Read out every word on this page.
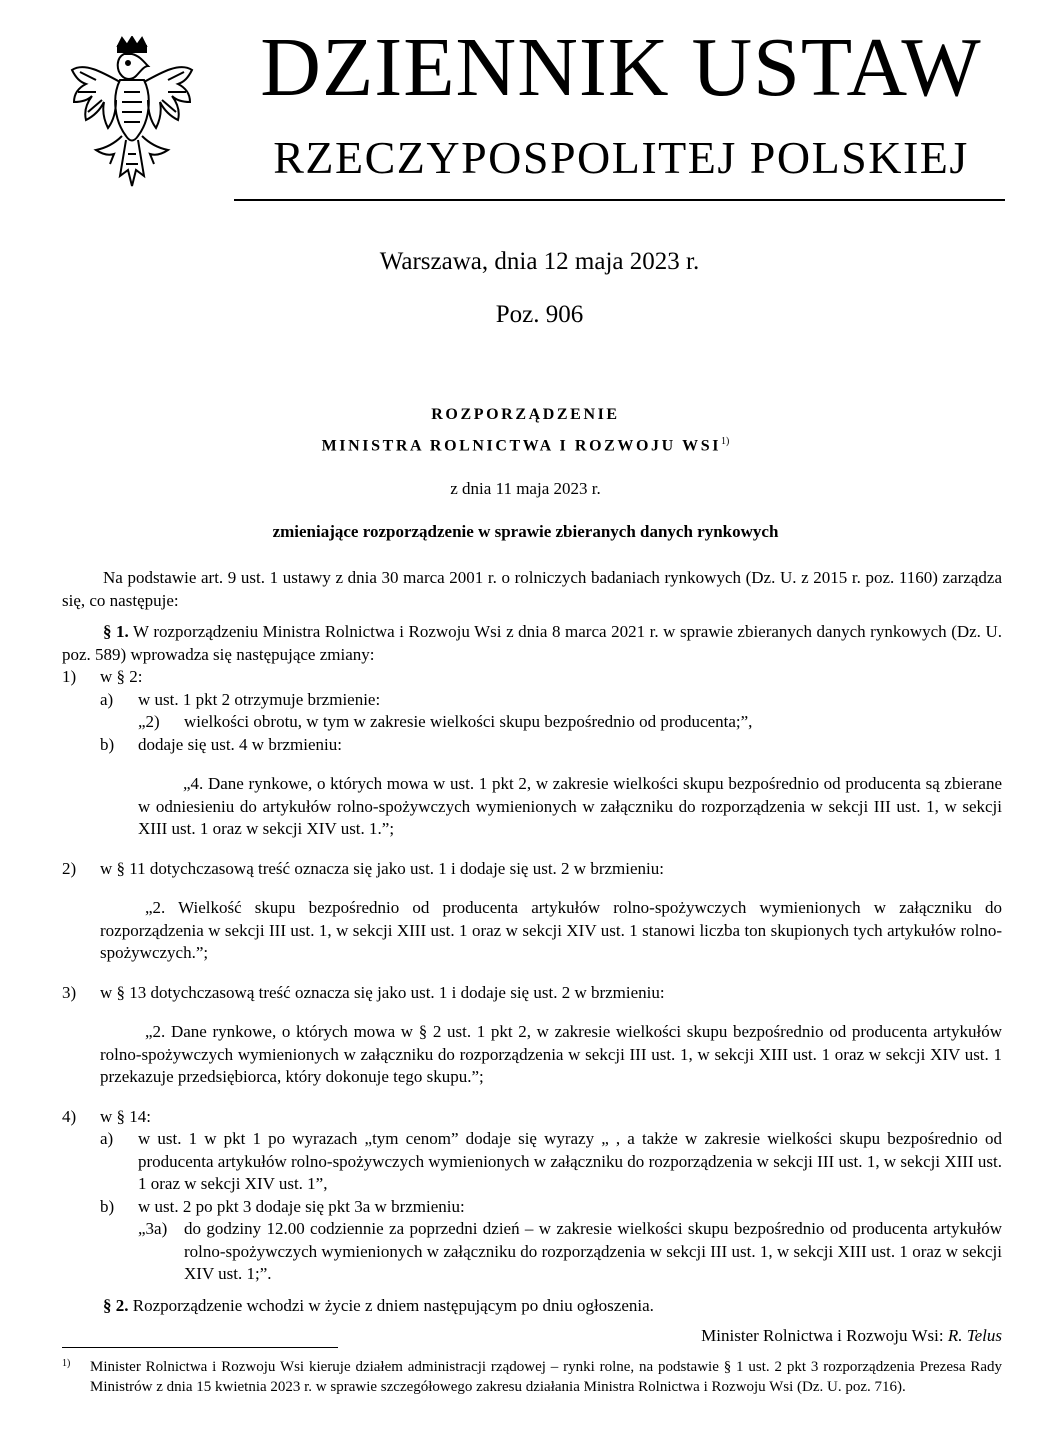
DZIENNIK USTAW
RZECZYPOSPOLITEJ POLSKIEJ
Warszawa, dnia 12 maja 2023 r.
Poz. 906
ROZPORZĄDZENIE
MINISTRA ROLNICTWA I ROZWOJU WSI$^{1)}$
z dnia 11 maja 2023 r.
zmieniające rozporządzenie w sprawie zbieranych danych rynkowych

Na podstawie art. 9 ust. 1 ustawy z dnia 30 marca 2001 r. o rolniczych badaniach rynkowych (Dz. U. z 2015 r. poz. 1160) zarządza się, co następuje:

§ 1. W rozporządzeniu Ministra Rolnictwa i Rozwoju Wsi z dnia 8 marca 2021 r. w sprawie zbieranych danych rynkowych (Dz. U. poz. 589) wprowadza się następujące zmiany:

1)	w § 2:
a)	w ust. 1 pkt 2 otrzymuje brzmienie:
„2)	wielkości obrotu, w tym w zakresie wielkości skupu bezpośrednio od producenta;”,
b)	dodaje się ust. 4 w brzmieniu:

„4. Dane rynkowe, o których mowa w ust. 1 pkt 2, w zakresie wielkości skupu bezpośrednio od producenta są zbierane w odniesieniu do artykułów rolno-spożywczych wymienionych w załączniku do rozporządzenia w sekcji III ust. 1, w sekcji XIII ust. 1 oraz w sekcji XIV ust. 1.”;

2)	w § 11 dotychczasową treść oznacza się jako ust. 1 i dodaje się ust. 2 w brzmieniu:

„2. Wielkość skupu bezpośrednio od producenta artykułów rolno-spożywczych wymienionych w załączniku do rozporządzenia w sekcji III ust. 1, w sekcji XIII ust. 1 oraz w sekcji XIV ust. 1 stanowi liczba ton skupionych tych artykułów rolno-spożywczych.”;

3)	w § 13 dotychczasową treść oznacza się jako ust. 1 i dodaje się ust. 2 w brzmieniu:

„2. Dane rynkowe, o których mowa w § 2 ust. 1 pkt 2, w zakresie wielkości skupu bezpośrednio od producenta artykułów rolno-spożywczych wymienionych w załączniku do rozporządzenia w sekcji III ust. 1, w sekcji XIII ust. 1 oraz w sekcji XIV ust. 1 przekazuje przedsiębiorca, który dokonuje tego skupu.”;

4)	w § 14:
a)	w ust. 1 w pkt 1 po wyrazach „tym cenom” dodaje się wyrazy „ , a także w zakresie wielkości skupu bezpośrednio od producenta artykułów rolno-spożywczych wymienionych w załączniku do rozporządzenia w sekcji III ust. 1, w sekcji XIII ust. 1 oraz w sekcji XIV ust. 1”,
b)	w ust. 2 po pkt 3 dodaje się pkt 3a w brzmieniu:
„3a) do godziny 12.00 codziennie za poprzedni dzień – w zakresie wielkości skupu bezpośrednio od producenta artykułów rolno-spożywczych wymienionych w załączniku do rozporządzenia w sekcji III ust. 1, w sekcji XIII ust. 1 oraz w sekcji XIV ust. 1;”.

§ 2. Rozporządzenie wchodzi w życie z dniem następującym po dniu ogłoszenia.

Minister Rolnictwa i Rozwoju Wsi: R. Telus

1)	Minister Rolnictwa i Rozwoju Wsi kieruje działem administracji rządowej – rynki rolne, na podstawie § 1 ust. 2 pkt 3 rozporządzenia Prezesa Rady Ministrów z dnia 15 kwietnia 2023 r. w sprawie szczegółowego zakresu działania Ministra Rolnictwa i Rozwoju Wsi (Dz. U. poz. 716).
